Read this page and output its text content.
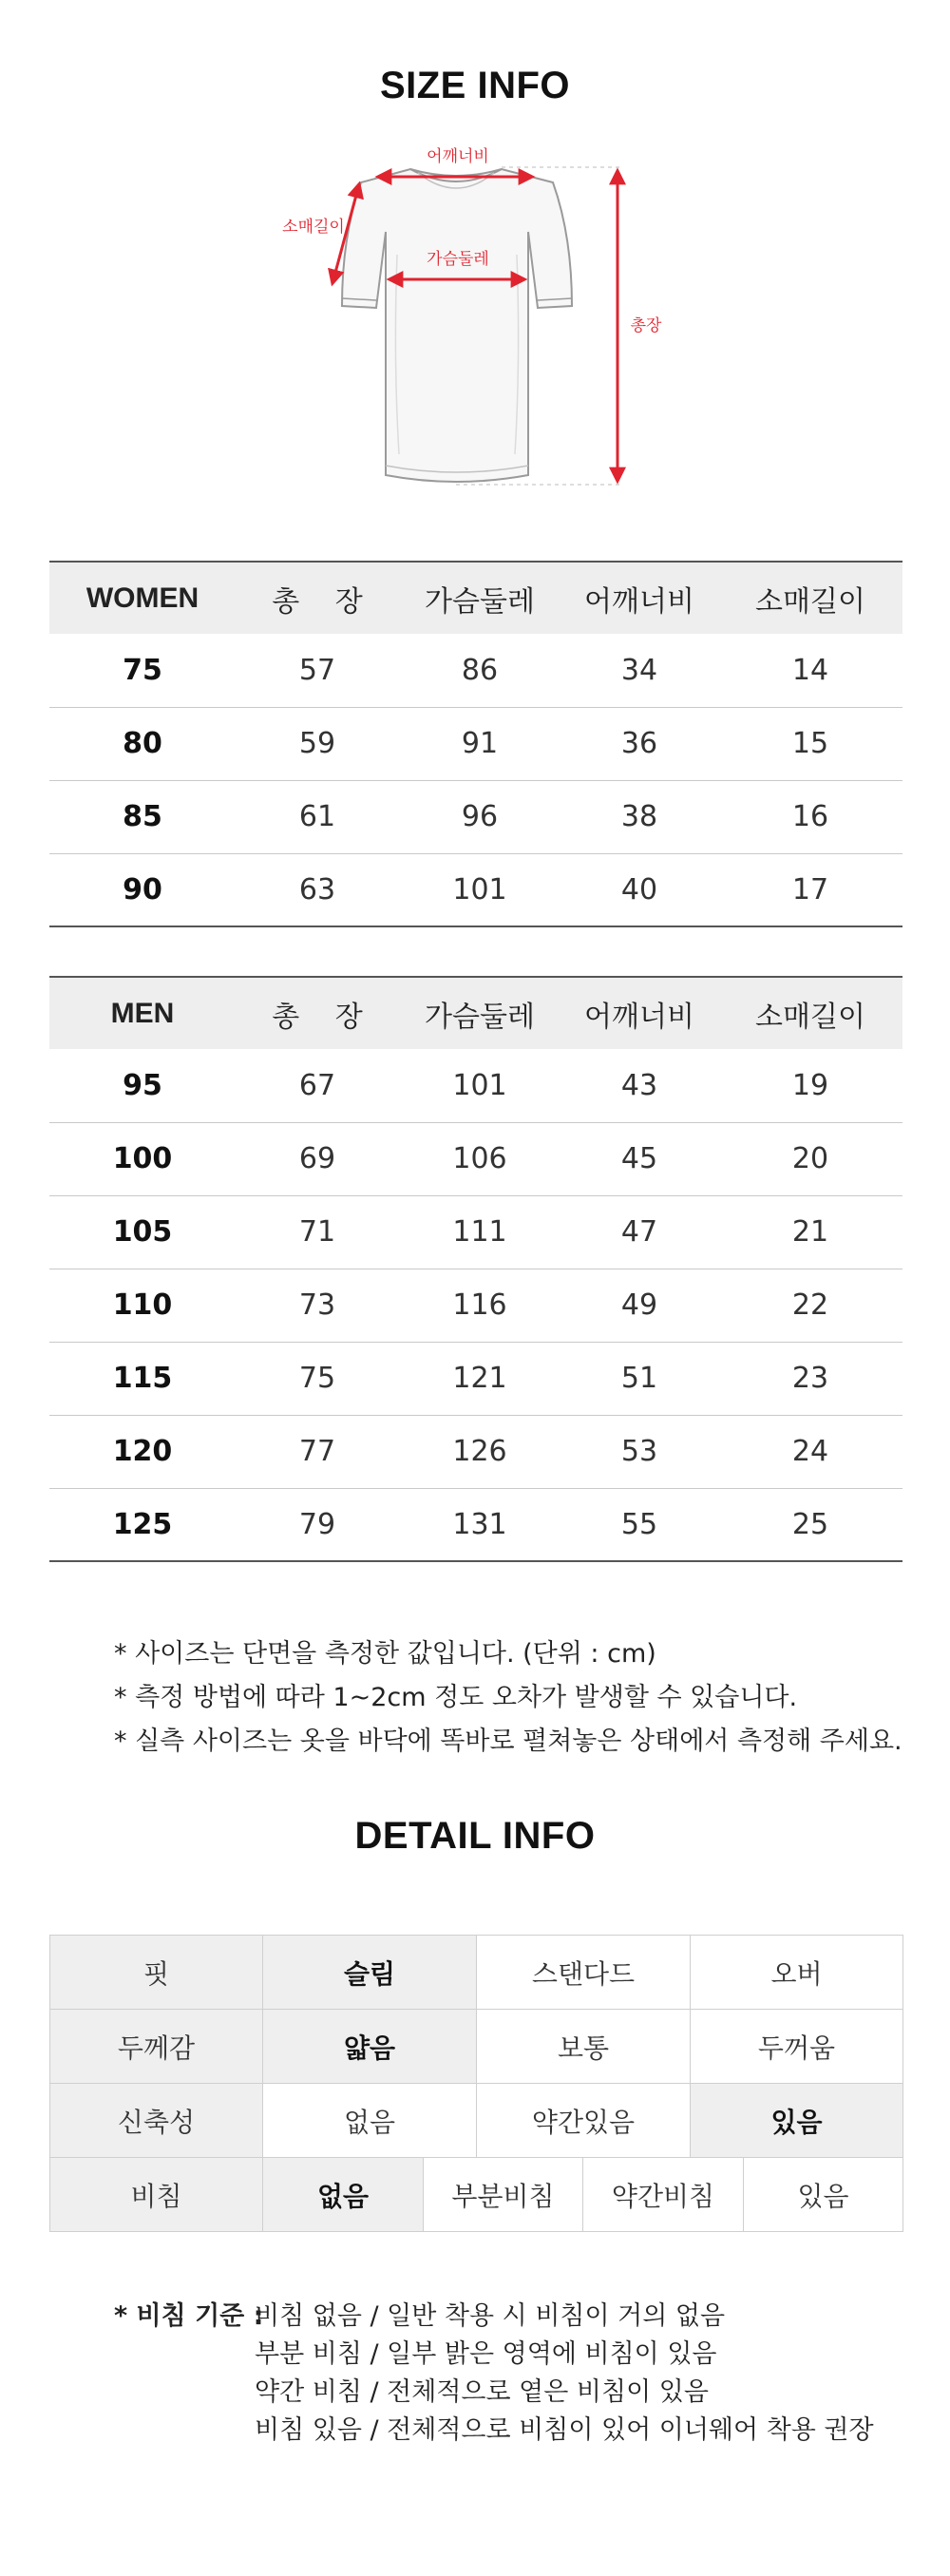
SIZE INFO
어깨너비
소매길이
가슴둘레
총장
WOMEN	총 장	가슴둘레	어깨너비	소매길이
75	57	86	34	14
80	59	91	36	15
85	61	96	38	16
90	63	101	40	17
MEN	총 장	가슴둘레	어깨너비	소매길이
95	67	101	43	19
100	69	106	45	20
105	71	111	47	21
110	73	116	49	22
115	75	121	51	23
120	77	126	53	24
125	79	131	55	25
* 사이즈는 단면을 측정한 값입니다. (단위 : cm)
* 측정 방법에 따라 1~2cm 정도 오차가 발생할 수 있습니다.
* 실측 사이즈는 옷을 바닥에 똑바로 펼쳐놓은 상태에서 측정해 주세요.
DETAIL INFO
핏	슬림	스탠다드	오버
두께감	얇음	보통	두꺼움
신축성	없음	약간있음	있음
비침	없음	부분비침	약간비침	있음
* 비침 기준 :
비침 없음 / 일반 착용 시 비침이 거의 없음
부분 비침 / 일부 밝은 영역에 비침이 있음
약간 비침 / 전체적으로 옅은 비침이 있음
비침 있음 / 전체적으로 비침이 있어 이너웨어 착용 권장
